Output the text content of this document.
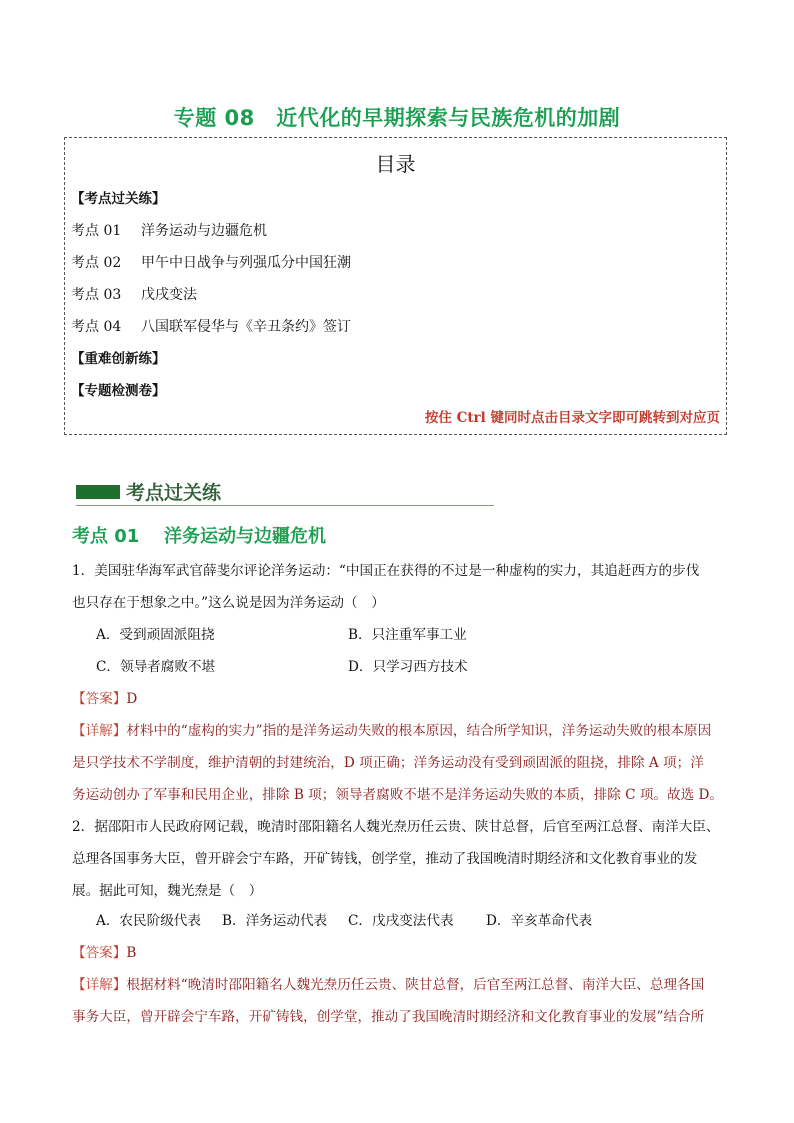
专题 08　近代化的早期探索与民族危机的加剧
目录
【考点过关练】
考点 01 洋务运动与边疆危机
考点 02 甲午中日战争与列强瓜分中国狂潮
考点 03 戊戌变法
考点 04 八国联军侵华与《辛丑条约》签订
【重难创新练】
【专题检测卷】
按住 Ctrl 键同时点击目录文字即可跳转到对应页
考点过关练
考点 01 洋务运动与边疆危机
1．美国驻华海军武官薛斐尔评论洋务运动：“中国正在获得的不过是一种虚构的实力，其追赶西方的步伐
也只存在于想象之中。”这么说是因为洋务运动（　）
A．受到顽固派阻挠	B．只注重军事工业
C．领导者腐败不堪	D．只学习西方技术
【答案】D
【详解】材料中的“虚构的实力”指的是洋务运动失败的根本原因，结合所学知识，洋务运动失败的根本原因
是只学技术不学制度，维护清朝的封建统治，D 项正确；洋务运动没有受到顽固派的阻挠，排除 A 项；洋
务运动创办了军事和民用企业，排除 B 项；领导者腐败不堪不是洋务运动失败的本质，排除 C 项。故选 D。
2．据邵阳市人民政府网记载，晚清时邵阳籍名人魏光焘历任云贵、陕甘总督，后官至两江总督、南洋大臣、
总理各国事务大臣，曾开辟会宁车路，开矿铸钱，创学堂，推动了我国晚清时期经济和文化教育事业的发
展。据此可知，魏光焘是（　）
A．农民阶级代表 B．洋务运动代表 C．戊戌变法代表 D．辛亥革命代表
【答案】B
【详解】根据材料“晚清时邵阳籍名人魏光焘历任云贵、陕甘总督，后官至两江总督、南洋大臣、总理各国
事务大臣，曾开辟会宁车路，开矿铸钱，创学堂，推动了我国晚清时期经济和文化教育事业的发展”结合所
